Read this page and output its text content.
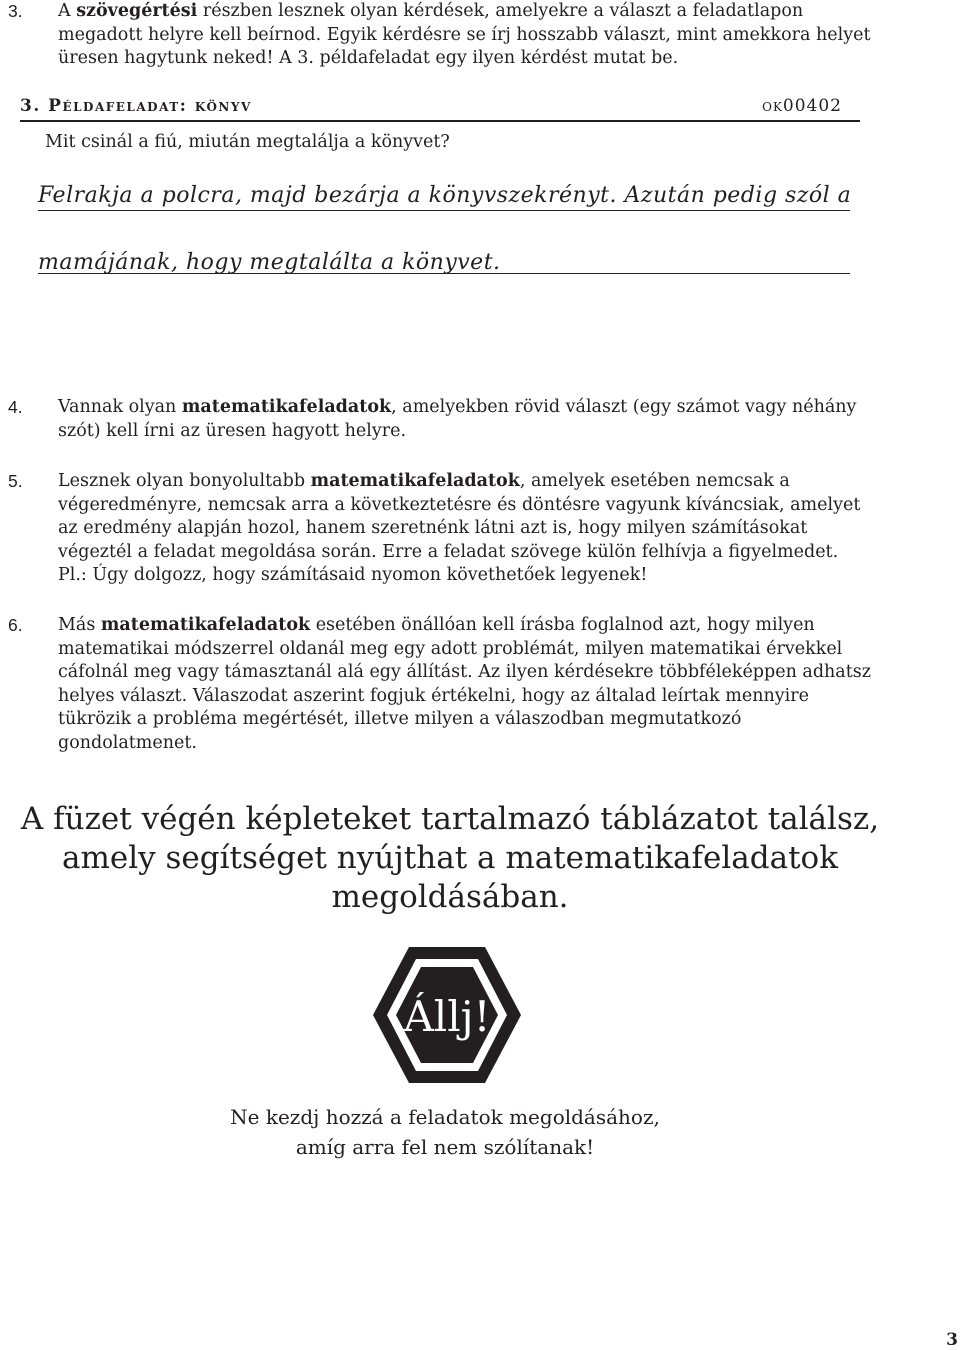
3. A szövegértési részben lesznek olyan kérdések, amelyekre a választ a feladatlapon megadott helyre kell beírnod. Egyik kérdésre se írj hosszabb választ, mint amekkora helyet üresen hagytunk neked! A 3. példafeladat egy ilyen kérdést mutat be.
3. Példafeladat: könyv	ok00402
Mit csinál a fiú, miután megtalálja a könyvet?
Felrakja a polcra, majd bezárja a könyvszekrényt. Azután pedig szól a
mamájának, hogy megtalálta a könyvet.
4. Vannak olyan matematikafeladatok, amelyekben rövid választ (egy számot vagy néhány szót) kell írni az üresen hagyott helyre.
5. Lesznek olyan bonyolultabb matematikafeladatok, amelyek esetében nemcsak a végeredményre, nemcsak arra a következtetésre és döntésre vagyunk kíváncsiak, amelyet az eredmény alapján hozol, hanem szeretnénk látni azt is, hogy milyen számításokat végeztél a feladat megoldása során. Erre a feladat szövege külön felhívja a figyelmedet. Pl.: Úgy dolgozz, hogy számításaid nyomon követhetőek legyenek!
6. Más matematikafeladatok esetében önállóan kell írásba foglalnod azt, hogy milyen matematikai módszerrel oldanál meg egy adott problémát, milyen matematikai érvekkel cáfolnál meg vagy támasztanál alá egy állítást. Az ilyen kérdésekre többféleképpen adhatsz helyes választ. Válaszodat aszerint fogjuk értékelni, hogy az általad leírtak mennyire tükrözik a probléma megértését, illetve milyen a válaszodban megmutatkozó gondolatmenet.
A füzet végén képleteket tartalmazó táblázatot találsz,
amely segítséget nyújthat a matematikafeladatok
megoldásában.
Állj!
Ne kezdj hozzá a feladatok megoldásához,
amíg arra fel nem szólítanak!
3
